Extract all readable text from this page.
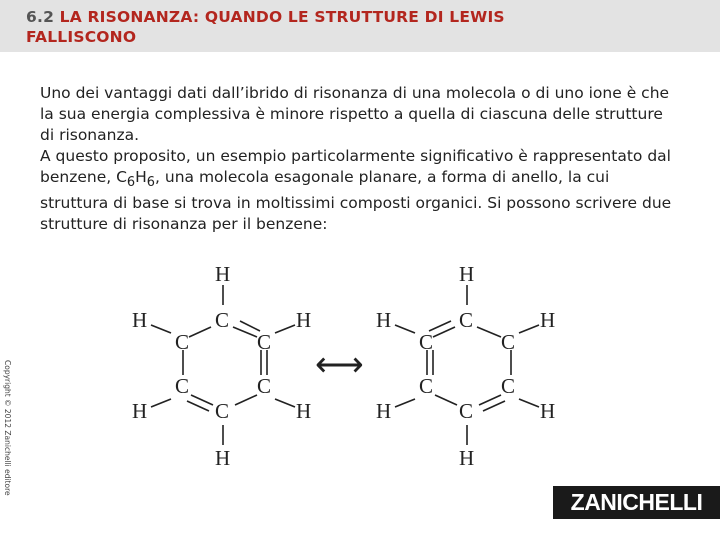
6.2 LA RISONANZA: QUANDO LE STRUTTURE DI LEWIS
FALLISCONO

Uno dei vantaggi dati dall’ibrido di risonanza di una molecola o di uno ione è che la sua energia complessiva è minore rispetto a quella di ciascuna delle strutture di risonanza.

A questo proposito, un esempio particolarmente significativo è rappresentato dal benzene, $C_6H_6$, una molecola esagonale planare, a forma di anello, la cui struttura di base si trova in moltissimi composti organici. Si possono scrivere due strutture di risonanza per il benzene:

H
C
H	H
C	C
C	C
H	H
C
H
⟷
H
C
H	H
C	C
C	C
H	H
C
H
Copyright © 2012 Zanichelli editore
ZANICHELLI
